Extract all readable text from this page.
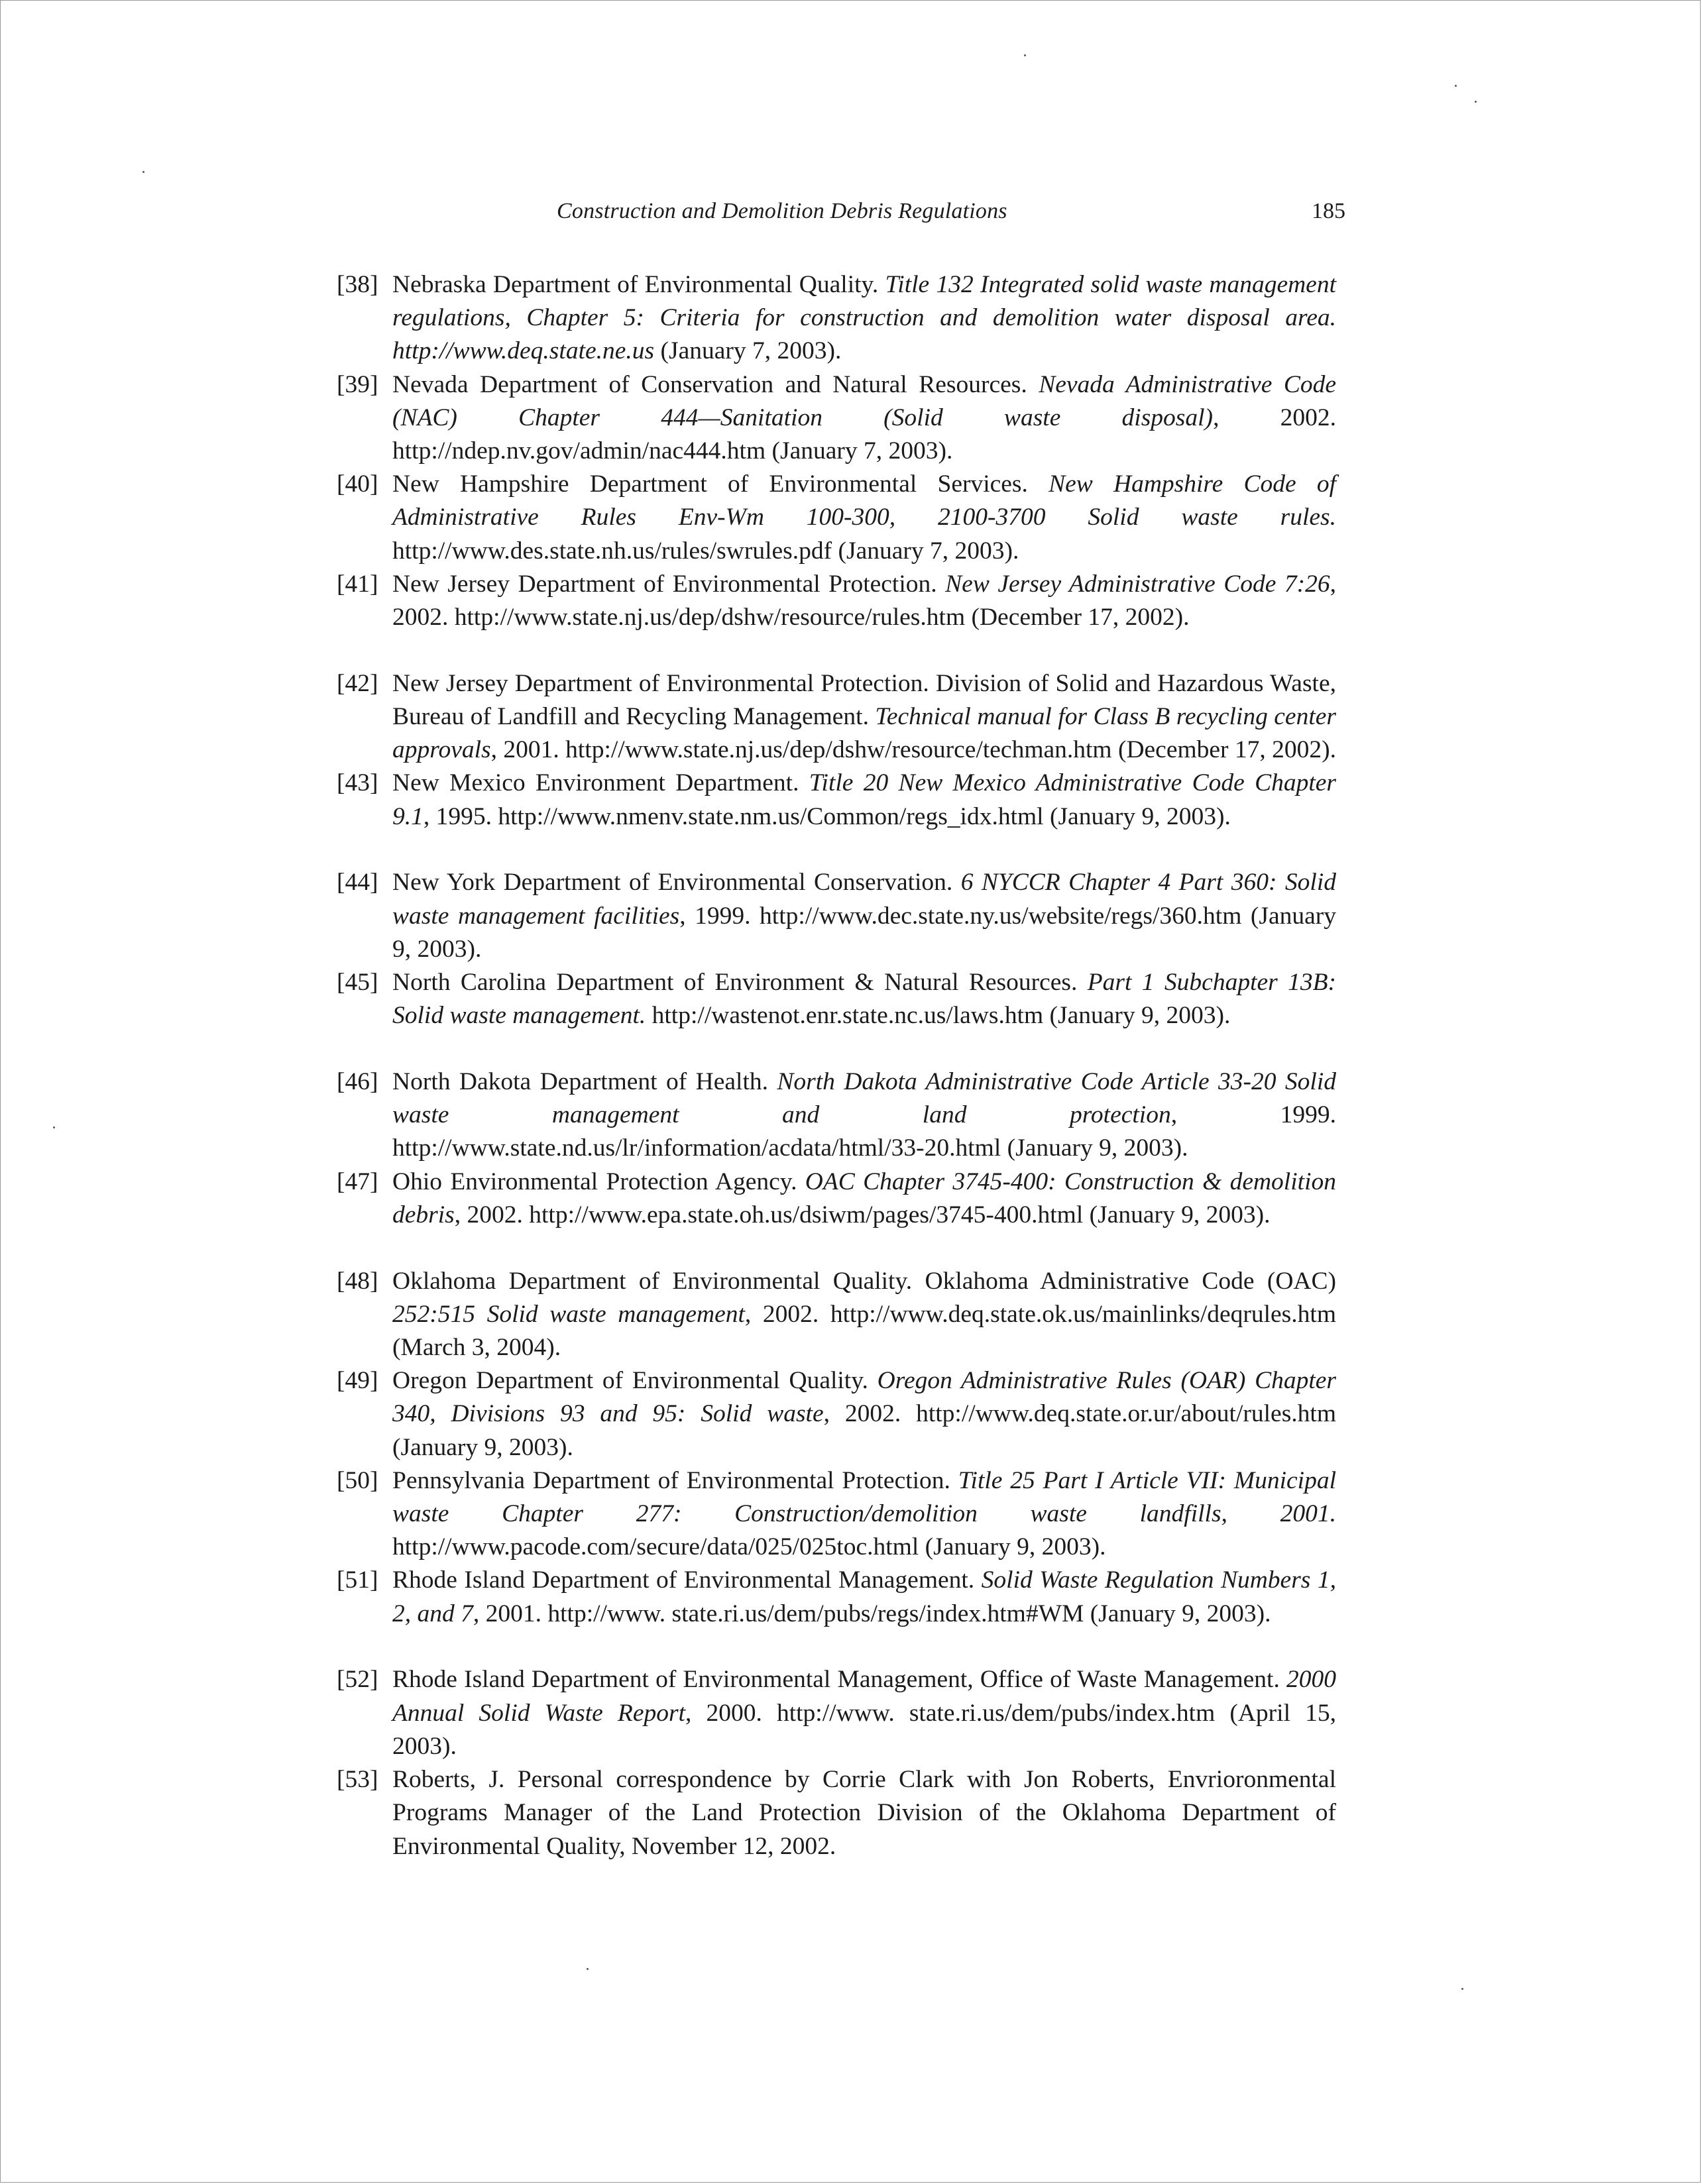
Construction and Demolition Debris Regulations	185
[38] Nebraska Department of Environmental Quality. Title 132 Integrated solid waste management regulations, Chapter 5: Criteria for construction and demolition water disposal area. http://www.deq.state.ne.us (January 7, 2003).
[39] Nevada Department of Conservation and Natural Resources. Nevada Administrative Code (NAC) Chapter 444—Sanitation (Solid waste disposal), 2002. http://ndep.nv.gov/admin/nac444.htm (January 7, 2003).
[40] New Hampshire Department of Environmental Services. New Hampshire Code of Administrative Rules Env-Wm 100-300, 2100-3700 Solid waste rules. http://www.des.state.nh.us/rules/swrules.pdf (January 7, 2003).
[41] New Jersey Department of Environmental Protection. New Jersey Administrative Code 7:26, 2002. http://www.state.nj.us/dep/dshw/resource/rules.htm (December 17, 2002).
[42] New Jersey Department of Environmental Protection. Division of Solid and Hazardous Waste, Bureau of Landfill and Recycling Management. Technical manual for Class B recycling center approvals, 2001. http://www.state.nj.us/dep/dshw/resource/techman.htm (December 17, 2002).
[43] New Mexico Environment Department. Title 20 New Mexico Administrative Code Chapter 9.1, 1995. http://www.nmenv.state.nm.us/Common/regs_idx.html (January 9, 2003).
[44] New York Department of Environmental Conservation. 6 NYCCR Chapter 4 Part 360: Solid waste management facilities, 1999. http://www.dec.state.ny.us/website/regs/360.htm (January 9, 2003).
[45] North Carolina Department of Environment & Natural Resources. Part 1 Subchapter 13B: Solid waste management. http://wastenot.enr.state.nc.us/laws.htm (January 9, 2003).
[46] North Dakota Department of Health. North Dakota Administrative Code Article 33-20 Solid waste management and land protection, 1999. http://www.state.nd.us/lr/information/acdata/html/33-20.html (January 9, 2003).
[47] Ohio Environmental Protection Agency. OAC Chapter 3745-400: Construction & demolition debris, 2002. http://www.epa.state.oh.us/dsiwm/pages/3745-400.html (January 9, 2003).
[48] Oklahoma Department of Environmental Quality. Oklahoma Administrative Code (OAC) 252:515 Solid waste management, 2002. http://www.deq.state.ok.us/mainlinks/deqrules.htm (March 3, 2004).
[49] Oregon Department of Environmental Quality. Oregon Administrative Rules (OAR) Chapter 340, Divisions 93 and 95: Solid waste, 2002. http://www.deq.state.or.ur/about/rules.htm (January 9, 2003).
[50] Pennsylvania Department of Environmental Protection. Title 25 Part I Article VII: Municipal waste Chapter 277: Construction/demolition waste landfills, 2001. http://www.pacode.com/secure/data/025/025toc.html (January 9, 2003).
[51] Rhode Island Department of Environmental Management. Solid Waste Regulation Numbers 1, 2, and 7, 2001. http://www. state.ri.us/dem/pubs/regs/index.htm#WM (January 9, 2003).
[52] Rhode Island Department of Environmental Management, Office of Waste Management. 2000 Annual Solid Waste Report, 2000. http://www. state.ri.us/dem/pubs/index.htm (April 15, 2003).
[53] Roberts, J. Personal correspondence by Corrie Clark with Jon Roberts, Envrioronmental Programs Manager of the Land Protection Division of the Oklahoma Department of Environmental Quality, November 12, 2002.
